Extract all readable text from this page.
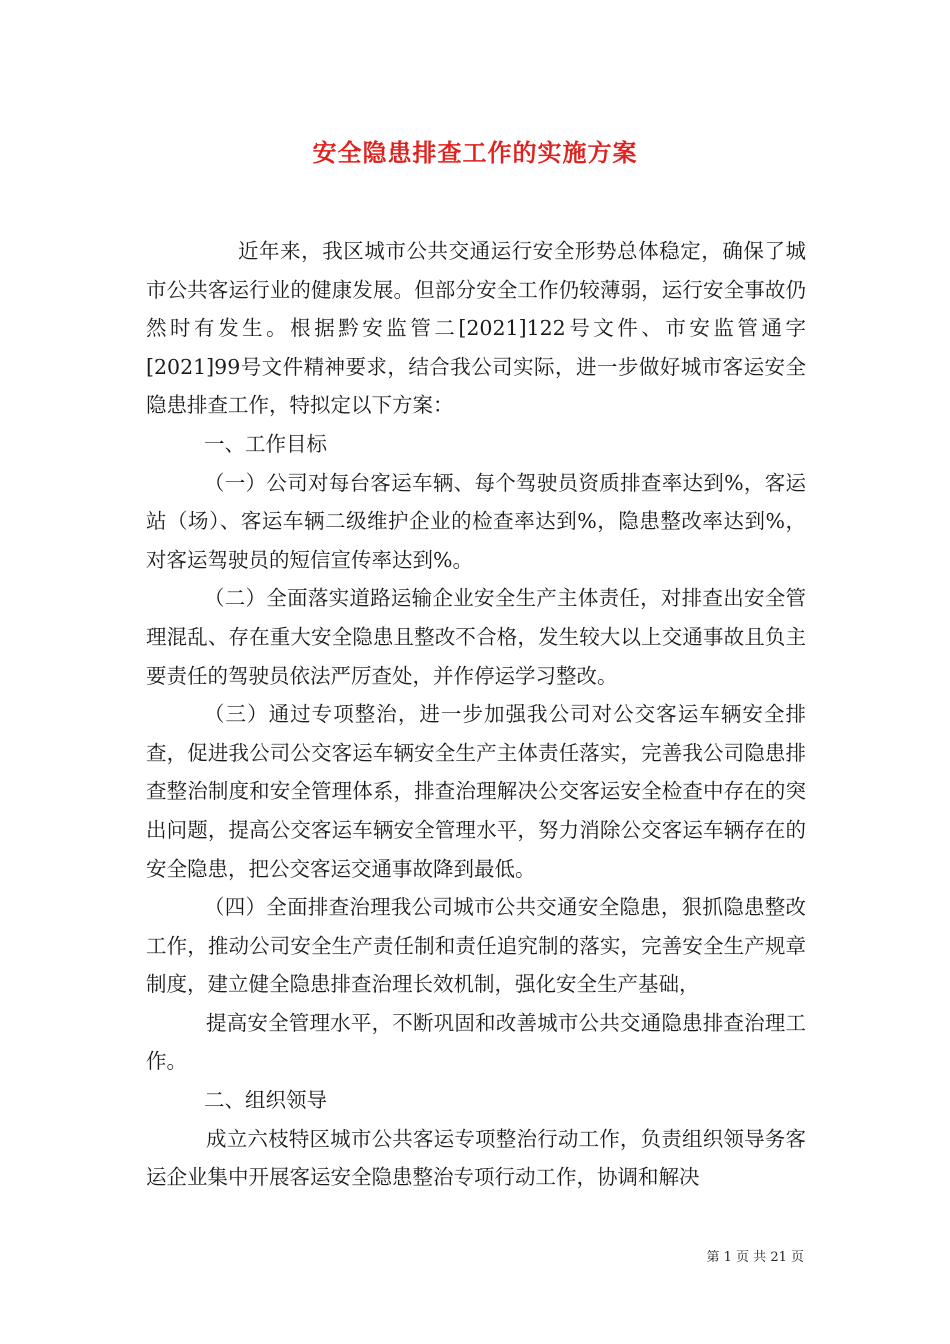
安全隐患排查工作的实施方案

近年来，我区城市公共交通运行安全形势总体稳定，确保了城市公共客运行业的健康发展。但部分安全工作仍较薄弱，运行安全事故仍然时有发生。根据黔安监管二[2021]122号文件、市安监管通字[2021]99号文件精神要求，结合我公司实际，进一步做好城市客运安全隐患排查工作，特拟定以下方案：

一、工作目标

（一）公司对每台客运车辆、每个驾驶员资质排查率达到%，客运站（场）、客运车辆二级维护企业的检查率达到%，隐患整改率达到%，对客运驾驶员的短信宣传率达到%。

（二）全面落实道路运输企业安全生产主体责任，对排查出安全管理混乱、存在重大安全隐患且整改不合格，发生较大以上交通事故且负主要责任的驾驶员依法严厉查处，并作停运学习整改。

（三）通过专项整治，进一步加强我公司对公交客运车辆安全排查，促进我公司公交客运车辆安全生产主体责任落实，完善我公司隐患排查整治制度和安全管理体系，排查治理解决公交客运安全检查中存在的突出问题，提高公交客运车辆安全管理水平，努力消除公交客运车辆存在的安全隐患，把公交客运交通事故降到最低。

（四）全面排查治理我公司城市公共交通安全隐患，狠抓隐患整改工作，推动公司安全生产责任制和责任追究制的落实，完善安全生产规章制度，建立健全隐患排查治理长效机制，强化安全生产基础，

提高安全管理水平，不断巩固和改善城市公共交通隐患排查治理工作。

二、组织领导

成立六枝特区城市公共客运专项整治行动工作，负责组织领导务客运企业集中开展客运安全隐患整治专项行动工作，协调和解决

第 1 页 共 21 页
